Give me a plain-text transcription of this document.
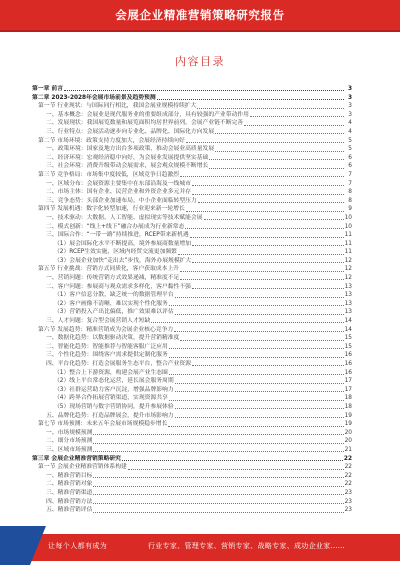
会展企业精准营销策略研究报告
内容目录
第一章 前言	3
第二章 2023-2028年会展市场前景及趋势预测	3
第一节 行业现状：与国际同行相比，我国会展业规模持续扩大	3
一、基本概念：会展业是现代服务业的重要组成部分，具有较强的产业带动作用	3
二、发展现状：我国展览数量和展览面积均居世界前列，会展产业链不断完善	4
三、行业特点：会展活动逐步向专业化、品牌化、国际化方向发展	4
第二节 市场环境：政策支持力度加大，会展经济持续向好	5
一、政策环境：国家及地方出台多项政策，推动会展业高质量发展	5
二、经济环境：宏观经济稳中向好，为会展业发展提供坚实基础	6
三、社会环境：消费升级带动会展需求，展会观众规模不断增长	6
第三节 竞争格局：市场集中度较低，区域竞争日趋激烈	7
一、区域分布：会展资源主要集中在东部沿海及一线城市	7
二、市场主体：国有企业、民营企业和外资企业多元并存	8
三、竞争态势：头部企业加速布局，中小企业面临转型压力	8
第四节 发展机遇：数字化转型加速，行业迎来新一轮增长	9
一、技术驱动：大数据、人工智能、虚拟现实等技术赋能会展	10
二、模式创新：“线上+线下”融合办展成为行业新常态	10
三、国际合作：“一带一路”持续推进，RCEP带来新机遇	11
（1）展会国际化水平不断提高，境外参展商数量增加	11
（2）RCEP生效实施，区域内经贸交流更加频繁	11
（3）会展企业加快“走出去”步伐，海外办展规模扩大	12
第五节 行业挑战：营销方式同质化，客户获取成本上升	12
一、营销问题：传统营销方式效果递减，精准度不足	12
二、客户问题：参展商与观众需求多样化，客户黏性不强	13
（1）客户信息分散，缺乏统一的数据管理平台	13
（2）客户画像不清晰，难以实现个性化服务	13
（3）营销投入产出比偏低，推广效果难以评估	13
三、人才问题：复合型会展营销人才短缺	14
第六节 发展趋势：精准营销成为会展企业核心竞争力	14
一、数据化趋势：以数据驱动决策，提升营销精准度	15
二、智能化趋势：智能推荐与智能客服广泛应用	15
三、个性化趋势：围绕客户需求提供定制化服务	16
四、平台化趋势：打造会展服务生态平台，整合产业资源	16
（1）整合上下游资源，构建会展产业生态圈	16
（2）线上平台常态化运营，延长展会服务周期	17
（3）社群运营助力客户沉淀，增强品牌影响力	17
（4）跨界合作拓展营销渠道，实现资源共享	18
（5）现场营销与数字营销协同，提升参展体验	18
五、品牌化趋势：打造品牌展会，提升市场影响力	19
第七节 市场预测：未来五年会展市场规模稳步增长	19
一、市场规模预测	20
二、细分市场预测	20
三、区域市场预测	21
第三章 会展企业精准营销策略研究	22
第一节 会展企业精准营销体系构建	22
一、精准营销目标	22
二、精准营销对象	22
三、精准营销渠道	23
四、精准营销方法	23
五、精准营销评估	23
让每个人都有成为	行业专家、管理专家、营销专家、战略专家、成功企业家……
